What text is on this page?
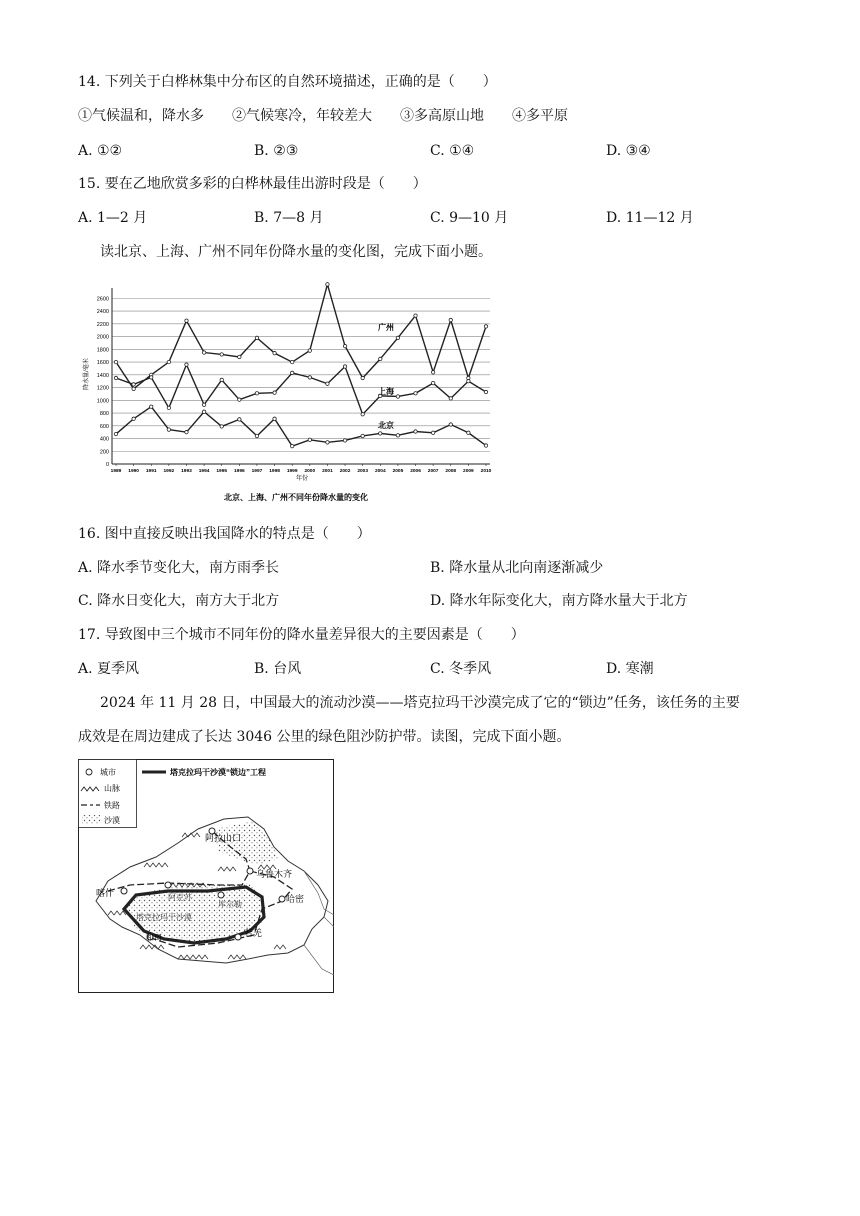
14. 下列关于白桦林集中分布区的自然环境描述，正确的是（　　）
①气候温和，降水多　　②气候寒冷，年较差大　　③多高原山地　　④多平原
A. ①②	B. ②③	C. ①④	D. ③④
15. 要在乙地欣赏多彩的白桦林最佳出游时段是（　　）
A. 1—2 月	B. 7—8 月	C. 9—10 月	D. 11—12 月
读北京、上海、广州不同年份降水量的变化图，完成下面小题。
0
200
400
600
800
1000
1200
1400
1600
1800
2000
2200
2400
2600
1989 1990 1991 1992 1993 1994 1995 1996 1997 1998 1999 2000 2001 2002 2003 2004 2005 2006 2007 2008 2009 2010
广州
上海
北京
年份
降水量/毫米
北京、上海、广州不同年份降水量的变化
16. 图中直接反映出我国降水的特点是（　　）
A. 降水季节变化大，南方雨季长	B. 降水量从北向南逐渐减少
C. 降水日变化大，南方大于北方	D. 降水年际变化大，南方降水量大于北方
17. 导致图中三个城市不同年份的降水量差异很大的主要因素是（　　）
A. 夏季风	B. 台风	C. 冬季风	D. 寒潮
2024 年 11 月 28 日，中国最大的流动沙漠——塔克拉玛干沙漠完成了它的“锁边”任务，该任务的主要
成效是在周边建成了长达 3046 公里的绿色阻沙防护带。读图，完成下面小题。
城市
山脉
铁路
沙漠
塔克拉玛干沙漠“锁边”工程
阿拉山口
乌鲁木齐
哈密
喀什	阿克苏
库尔勒
塔克拉玛干沙漠
和田	若羌
